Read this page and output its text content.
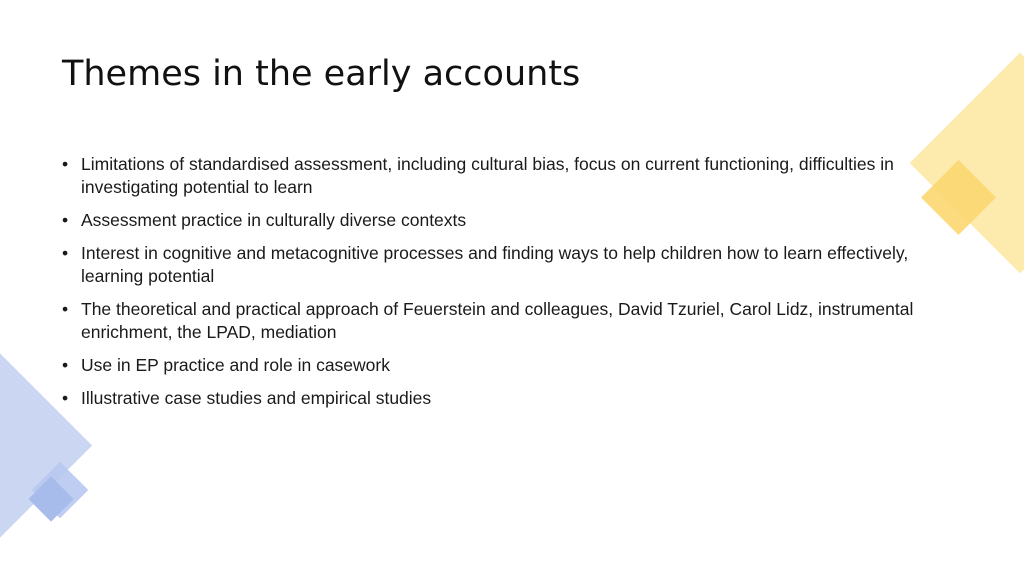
Themes in the early accounts
• Limitations of standardised assessment, including cultural bias, focus on current functioning, difficulties in investigating potential to learn
• Assessment practice in culturally diverse contexts
• Interest in cognitive and metacognitive processes and finding ways to help children how to learn effectively, learning potential
• The theoretical and practical approach of Feuerstein and colleagues, David Tzuriel, Carol Lidz, instrumental enrichment, the LPAD, mediation
• Use in EP practice and role in casework
• Illustrative case studies and empirical studies
